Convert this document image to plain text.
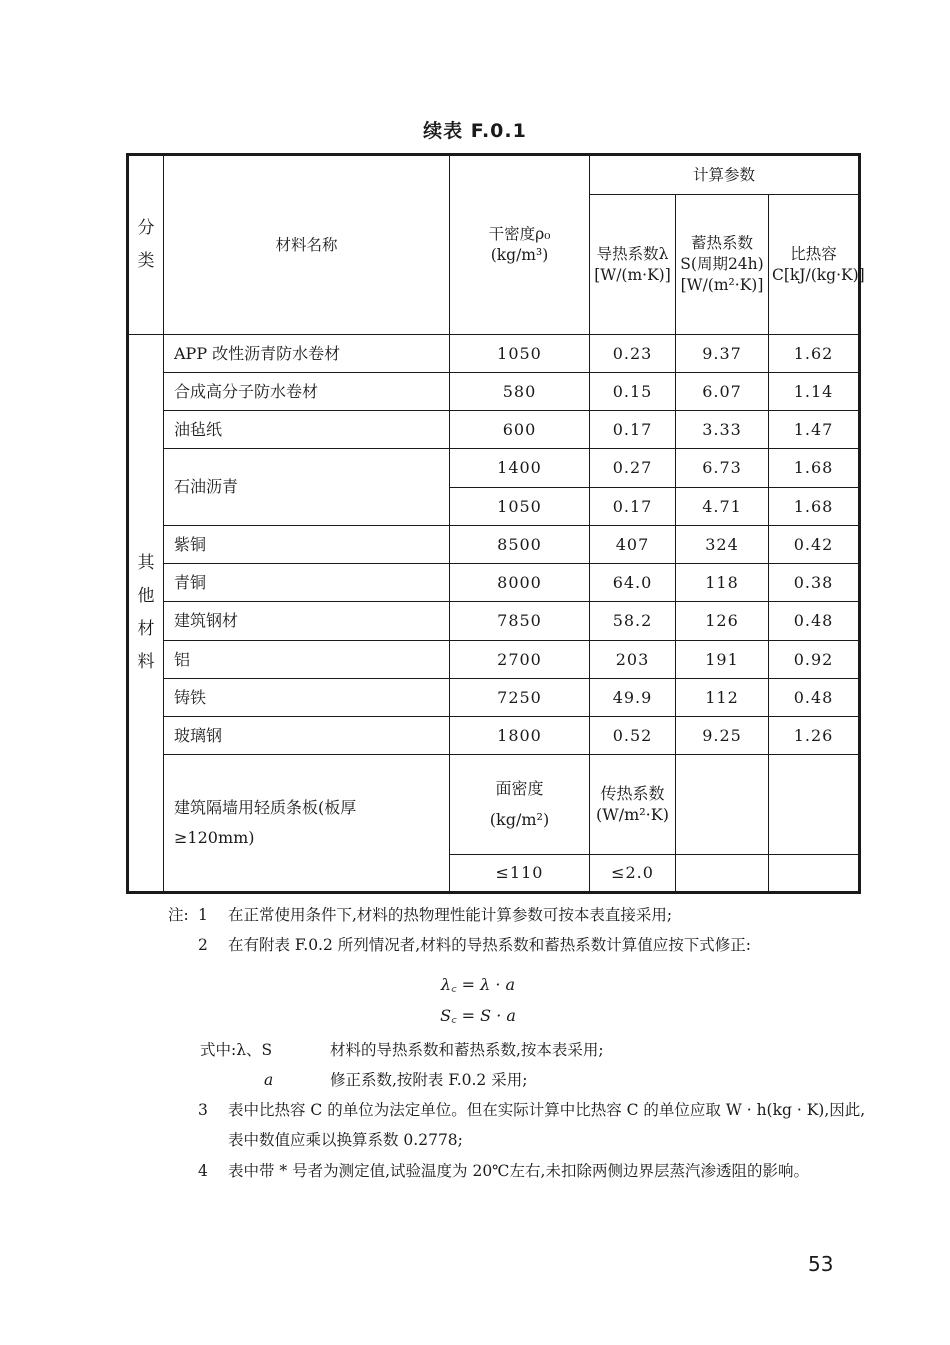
续表 F.0.1
分类	材料名称	干密度ρ₀ (kg/m³)	计算参数		
			导热系数λ [W/(m·K)]	蓄热系数S(周期24h)[W/(m²·K)]	比热容C[kJ/(kg·K)]
其他材料	APP 改性沥青防水卷材	1050	0.23	9.37	1.62
	合成高分子防水卷材	580	0.15	6.07	1.14
	油毡纸	600	0.17	3.33	1.47
	石油沥青	1400	0.27	6.73	1.68
		1050	0.17	4.71	1.68
	紫铜	8500	407	324	0.42
	青铜	8000	64.0	118	0.38
	建筑钢材	7850	58.2	126	0.48
	铝	2700	203	191	0.92
	铸铁	7250	49.9	112	0.48
	玻璃钢	1800	0.52	9.25	1.26
	建筑隔墙用轻质条板(板厚≥120mm)	面密度 (kg/m²)	传热系数 (W/m²·K)		
		≤110	≤2.0		
注: 1 在正常使用条件下,材料的热物理性能计算参数可按本表直接采用;
2 在有附表 F.0.2 所列情况者,材料的导热系数和蓄热系数计算值应按下式修正:
λ꜀ = λ · a
S꜀ = S · a
式中:λ、S	材料的导热系数和蓄热系数,按本表采用;
a	修正系数,按附表 F.0.2 采用;
3 表中比热容 C 的单位为法定单位。但在实际计算中比热容 C 的单位应取 W · h(kg · K),因此,表中数值应乘以换算系数 0.2778;
4 表中带 * 号者为测定值,试验温度为 20℃左右,未扣除两侧边界层蒸汽渗透阻的影响。
53
